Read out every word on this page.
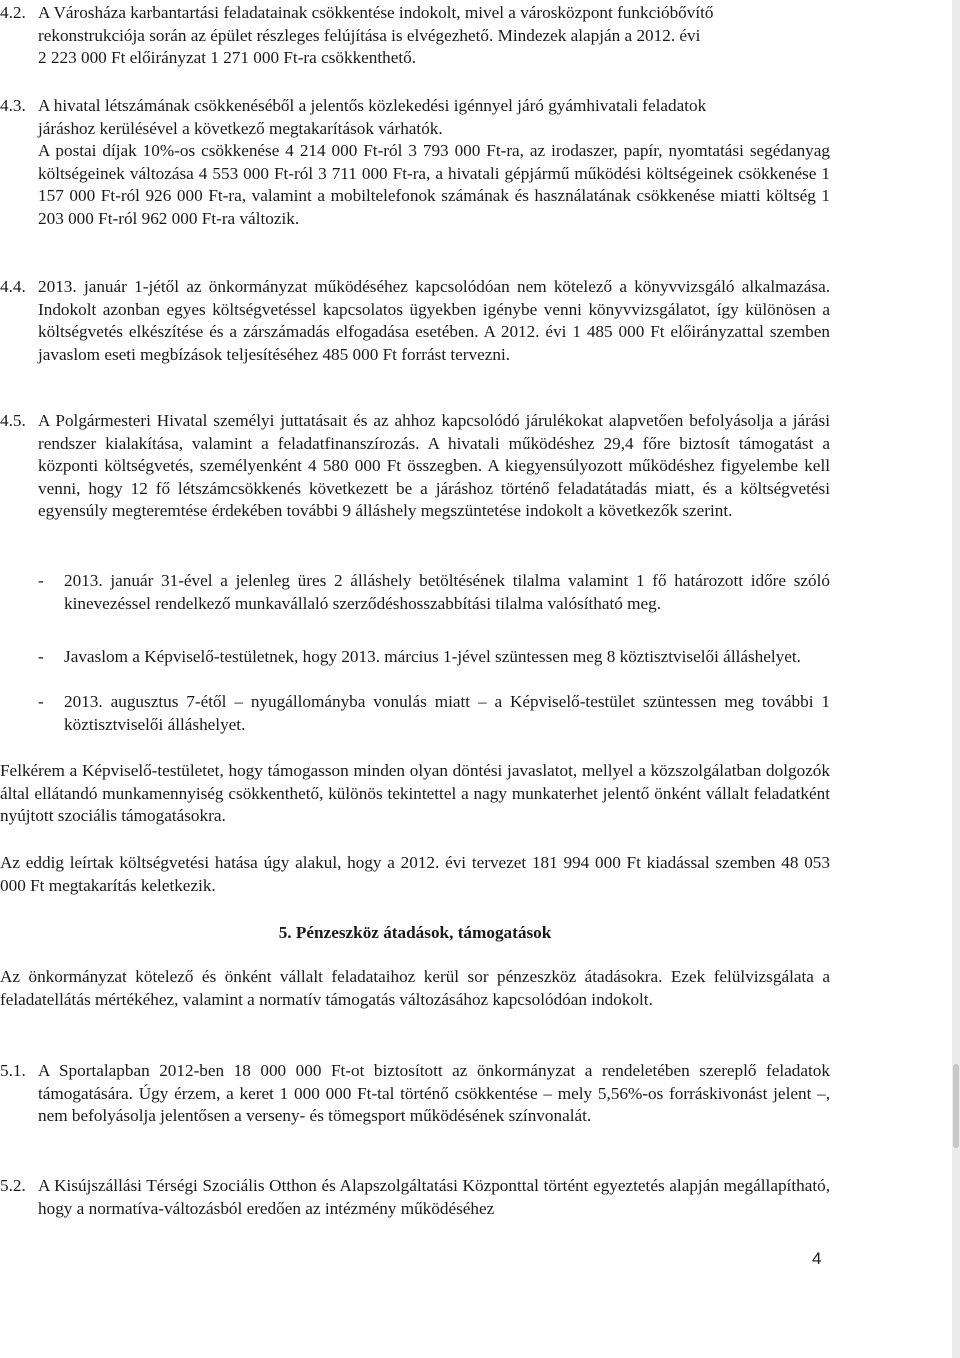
4.2. A Városháza karbantartási feladatainak csökkentése indokolt, mivel a városközpont funkcióbővítő

rekonstrukciója során az épület részleges felújítása is elvégezhető. Mindezek alapján a 2012. évi

2 223 000 Ft előirányzat 1 271 000 Ft-ra csökkenthető.

4.3. A hivatal létszámának csökkenéséből a jelentős közlekedési igénnyel járó gyámhivatali feladatok

járáshoz kerülésével a következő megtakarítások várhatók.

A postai díjak 10%-os csökkenése 4 214 000 Ft-ról 3 793 000 Ft-ra, az irodaszer, papír, nyomtatási segédanyag költségeinek változása 4 553 000 Ft-ról 3 711 000 Ft-ra, a hivatali gépjármű működési költségeinek csökkenése 1 157 000 Ft-ról 926 000 Ft-ra, valamint a mobiltelefonok számának és használatának csökkenése miatti költség 1 203 000 Ft-ról 962 000 Ft-ra változik.

4.4. 2013. január 1-jétől az önkormányzat működéséhez kapcsolódóan nem kötelező a könyvvizsgáló alkalmazása. Indokolt azonban egyes költségvetéssel kapcsolatos ügyekben igénybe venni könyvvizsgálatot, így különösen a költségvetés elkészítése és a zárszámadás elfogadása esetében. A 2012. évi 1 485 000 Ft előirányzattal szemben javaslom eseti megbízások teljesítéséhez 485 000 Ft forrást tervezni.

4.5. A Polgármesteri Hivatal személyi juttatásait és az ahhoz kapcsolódó járulékokat alapvetően befolyásolja a járási rendszer kialakítása, valamint a feladatfinanszírozás. A hivatali működéshez 29,4 főre biztosít támogatást a központi költségvetés, személyenként 4 580 000 Ft összegben. A kiegyensúlyozott működéshez figyelembe kell venni, hogy 12 fő létszámcsökkenés következett be a járáshoz történő feladatátadás miatt, és a költségvetési egyensúly megteremtése érdekében további 9 álláshely megszüntetése indokolt a következők szerint.

-	2013. január 31-ével a jelenleg üres 2 álláshely betöltésének tilalma valamint 1 fő határozott időre szóló kinevezéssel rendelkező munkavállaló szerződéshosszabbítási tilalma valósítható meg.
-	Javaslom a Képviselő-testületnek, hogy 2013. március 1-jével szüntessen meg 8 köztisztviselői álláshelyet.
-	2013. augusztus 7-étől – nyugállományba vonulás miatt – a Képviselő-testület szüntessen meg további 1 köztisztviselői álláshelyet.
Felkérem a Képviselő-testületet, hogy támogasson minden olyan döntési javaslatot, mellyel a közszolgálatban dolgozók által ellátandó munkamennyiség csökkenthető, különös tekintettel a nagy munkaterhet jelentő önként vállalt feladatként nyújtott szociális támogatásokra.
Az eddig leírtak költségvetési hatása úgy alakul, hogy a 2012. évi tervezet 181 994 000 Ft kiadással szemben 48 053 000 Ft megtakarítás keletkezik.
5. Pénzeszköz átadások, támogatások
Az önkormányzat kötelező és önként vállalt feladataihoz kerül sor pénzeszköz átadásokra. Ezek felülvizsgálata a feladatellátás mértékéhez, valamint a normatív támogatás változásához kapcsolódóan indokolt.
5.1. A Sportalapban 2012-ben 18 000 000 Ft-ot biztosított az önkormányzat a rendeletében szereplő feladatok támogatására. Úgy érzem, a keret 1 000 000 Ft-tal történő csökkentése – mely 5,56%-os forráskivonást jelent –, nem befolyásolja jelentősen a verseny- és tömegsport működésének színvonalát.

5.2. A Kisújszállási Térségi Szociális Otthon és Alapszolgáltatási Központtal történt egyeztetés alapján megállapítható, hogy a normatíva-változásból eredően az intézmény működéséhez

4
